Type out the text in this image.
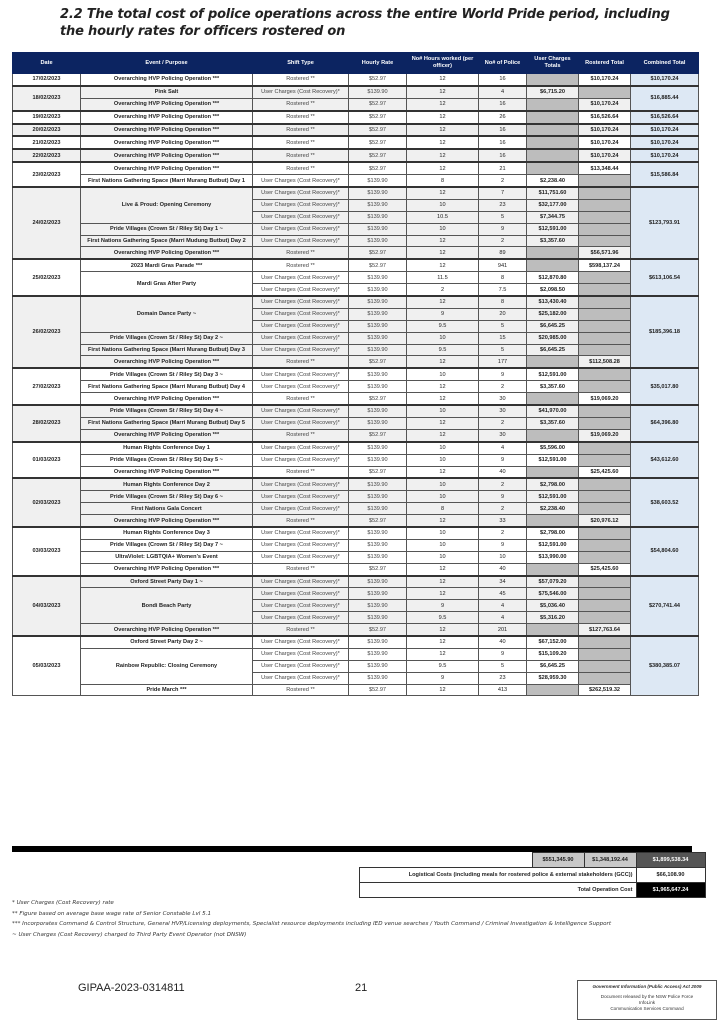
2.2 The total cost of police operations across the entire World Pride period, including the hourly rates for officers rostered on
Date	Event / Purpose	Shift Type	Hourly Rate	No# Hours worked (per officer)	No# of Police	User Charges Totals	Rostered Total	Combined Total
17/02/2023	Overarching HVP Policing Operation ***	Rostered **	$52.97	12	16		$10,170.24	$10,170.24
18/02/2023	Pink Salt	User Charges (Cost Recovery)*	$139.90	12	4	$6,715.20		$16,885.44
	Overarching HVP Policing Operation ***	Rostered **	$52.97	12	16		$10,170.24	
19/02/2023	Overarching HVP Policing Operation ***	Rostered **	$52.97	12	26		$16,526.64	$16,526.64
20/02/2023	Overarching HVP Policing Operation ***	Rostered **	$52.97	12	16		$10,170.24	$10,170.24
21/02/2023	Overarching HVP Policing Operation ***	Rostered **	$52.97	12	16		$10,170.24	$10,170.24
22/02/2023	Overarching HVP Policing Operation ***	Rostered **	$52.97	12	16		$10,170.24	$10,170.24
23/02/2023	Overarching HVP Policing Operation ***	Rostered **	$52.97	12	21		$13,348.44	$15,586.84
	First Nations Gathering Space (Marri Murang Butbut) Day 1	User Charges (Cost Recovery)*	$139.90	8	2	$2,238.40		
24/02/2023	Live & Proud: Opening Ceremony	User Charges (Cost Recovery)*	$139.90	12	7	$11,751.60		$123,793.91
		User Charges (Cost Recovery)*	$139.90	10	23	$32,177.00		
		User Charges (Cost Recovery)*	$139.90	10.5	5	$7,344.75		
	Pride Villages (Crown St / Riley St) Day 1 ~	User Charges (Cost Recovery)*	$139.90	10	9	$12,591.00		
	First Nations Gathering Space (Marri Mudung Butbut) Day 2	User Charges (Cost Recovery)*	$139.90	12	2	$3,357.60		
	Overarching HVP Policing Operation ***	Rostered **	$52.97	12	89		$56,571.96	
25/02/2023	2023 Mardi Gras Parade ***	Rostered **	$52.97	12	941		$598,137.24	$613,106.54
	Mardi Gras After Party	User Charges (Cost Recovery)*	$139.90	11.5	8	$12,870.80		
		User Charges (Cost Recovery)*	$139.90	2	7.5	$2,098.50		
26/02/2023	Domain Dance Party ~	User Charges (Cost Recovery)*	$139.90	12	8	$13,430.40		$185,396.18
		User Charges (Cost Recovery)*	$139.90	9	20	$25,182.00		
		User Charges (Cost Recovery)*	$139.90	9.5	5	$6,645.25		
	Pride Villages (Crown St / Riley St) Day 2 ~	User Charges (Cost Recovery)*	$139.90	10	15	$20,985.00		
	First Nations Gathering Space (Marri Murang Butbut) Day 3	User Charges (Cost Recovery)*	$139.90	9.5	5	$6,645.25		
	Overarching HVP Policing Operation ***	Rostered **	$52.97	12	177		$112,508.28	
27/02/2023	Pride Villages (Crown St / Riley St) Day 3 ~	User Charges (Cost Recovery)*	$139.90	10	9	$12,591.00		$35,017.80
	First Nations Gathering Space (Marri Murang Butbut) Day 4	User Charges (Cost Recovery)*	$139.90	12	2	$3,357.60		
	Overarching HVP Policing Operation ***	Rostered **	$52.97	12	30		$19,069.20	
28/02/2023	Pride Villages (Crown St / Riley St) Day 4 ~	User Charges (Cost Recovery)*	$139.90	10	30	$41,970.00		$64,396.80
	First Nations Gathering Space (Marri Murang Butbut) Day 5	User Charges (Cost Recovery)*	$139.90	12	2	$3,357.60		
	Overarching HVP Policing Operation ***	Rostered **	$52.97	12	30		$19,069.20	
01/03/2023	Human Rights Conference Day 1	User Charges (Cost Recovery)*	$139.90	10	4	$5,596.00		$43,612.60
	Pride Villages (Crown St / Riley St) Day 5 ~	User Charges (Cost Recovery)*	$139.90	10	9	$12,591.00		
	Overarching HVP Policing Operation ***	Rostered **	$52.97	12	40		$25,425.60	
02/03/2023	Human Rights Conference Day 2	User Charges (Cost Recovery)*	$139.90	10	2	$2,798.00		$38,603.52
	Pride Villages (Crown St / Riley St) Day 6 ~	User Charges (Cost Recovery)*	$139.90	10	9	$12,591.00		
	First Nations Gala Concert	User Charges (Cost Recovery)*	$139.90	8	2	$2,238.40		
	Overarching HVP Policing Operation ***	Rostered **	$52.97	12	33		$20,976.12	
03/03/2023	Human Rights Conference Day 3	User Charges (Cost Recovery)*	$139.90	10	2	$2,798.00		$54,804.60
	Pride Villages (Crown St / Riley St) Day 7 ~	User Charges (Cost Recovery)*	$139.90	10	9	$12,591.00		
	UltraViolet: LGBTQIA+ Women's Event	User Charges (Cost Recovery)*	$139.90	10	10	$13,990.00		
	Overarching HVP Policing Operation ***	Rostered **	$52.97	12	40		$25,425.60	
04/03/2023	Oxford Street Party Day 1 ~	User Charges (Cost Recovery)*	$139.90	12	34	$57,079.20		$270,741.44
	Bondi Beach Party	User Charges (Cost Recovery)*	$139.90	12	45	$75,546.00		
		User Charges (Cost Recovery)*	$139.90	9	4	$5,036.40		
		User Charges (Cost Recovery)*	$139.90	9.5	4	$5,316.20		
	Overarching HVP Policing Operation ***	Rostered **	$52.97	12	201		$127,763.64	
05/03/2023	Oxford Street Party Day 2 ~	User Charges (Cost Recovery)*	$139.90	12	40	$67,152.00		$380,385.07
	Rainbow Republic: Closing Ceremony	User Charges (Cost Recovery)*	$139.90	12	9	$15,109.20		
		User Charges (Cost Recovery)*	$139.90	9.5	5	$6,645.25		
		User Charges (Cost Recovery)*	$139.90	9	23	$28,959.30		
	Pride March ***	Rostered **	$52.97	12	413		$262,519.32	
	$551,345.90	$1,348,192.44	$1,899,538.34
Logistical Costs (including meals for rostered police & external stakeholders (GCC))			$66,108.90
Total Operation Cost			$1,965,647.24
* User Charges (Cost Recovery) rate
** Figure based on average base wage rate of Senior Constable Lvl 5.1
*** Incorporates Command & Control Structure, General HVP/Licensing deployments, Specialist resource deployments including IED venue searches / Youth Command / Criminal Investigation & Intelligence Support
~ User Charges (Cost Recovery) charged to Third Party Event Operator (not DNSW)
GIPAA-2023-0314811	21	Government Information (Public Access) Act 2009
Document released by the NSW Police Force
InfoLink
Communication Services Command
